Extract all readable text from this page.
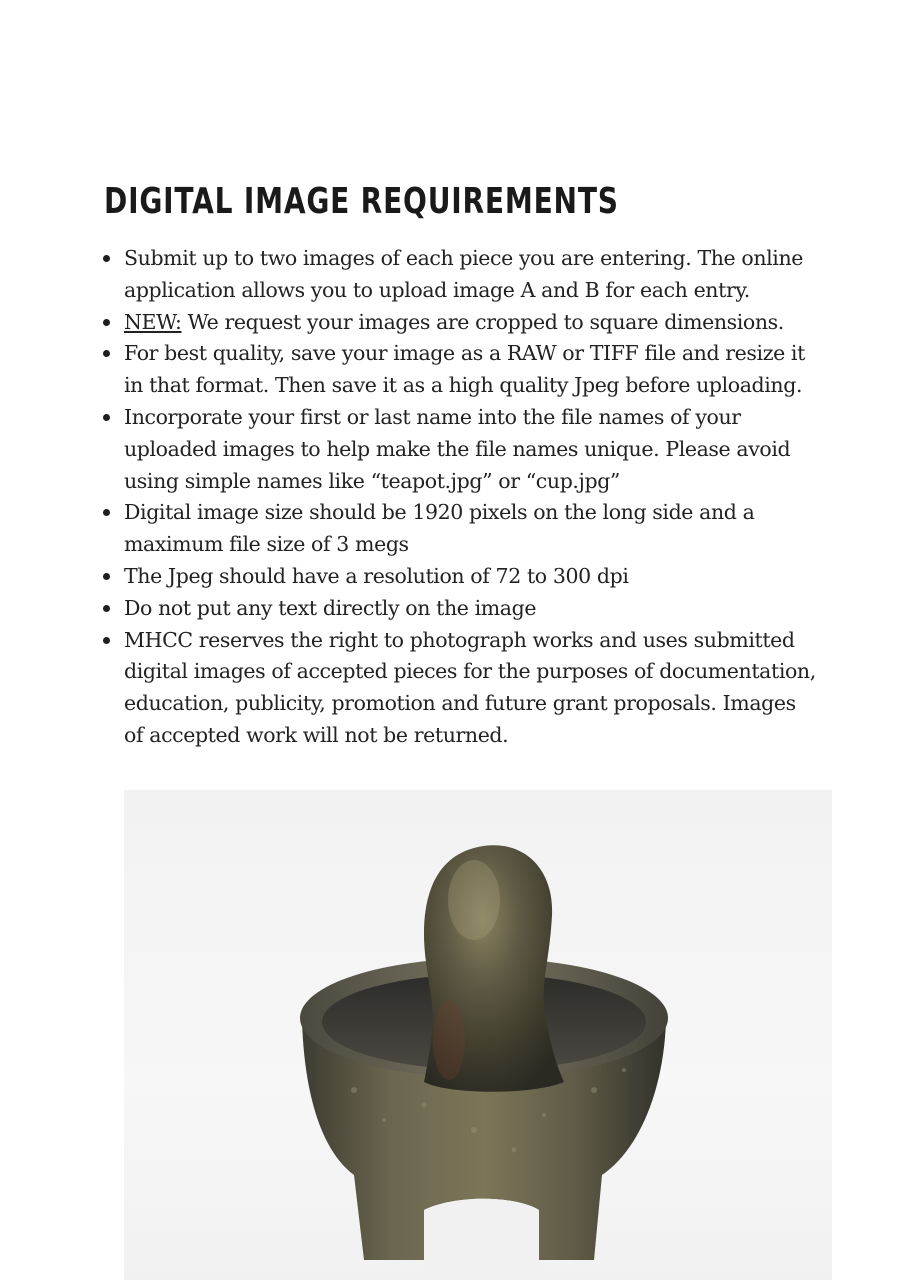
DIGITAL IMAGE REQUIREMENTS
Submit up to two images of each piece you are entering. The online
application allows you to upload image A and B for each entry.
NEW: We request your images are cropped to square dimensions.
For best quality, save your image as a RAW or TIFF file and resize it
in that format. Then save it as a high quality Jpeg before uploading.
Incorporate your first or last name into the file names of your
uploaded images to help make the file names unique. Please avoid
using simple names like “teapot.jpg” or “cup.jpg”
Digital image size should be 1920 pixels on the long side and a
maximum file size of 3 megs
The Jpeg should have a resolution of 72 to 300 dpi
Do not put any text directly on the image
MHCC reserves the right to photograph works and uses submitted
digital images of accepted pieces for the purposes of documentation,
education, publicity, promotion and future grant proposals. Images
of accepted work will not be returned.
